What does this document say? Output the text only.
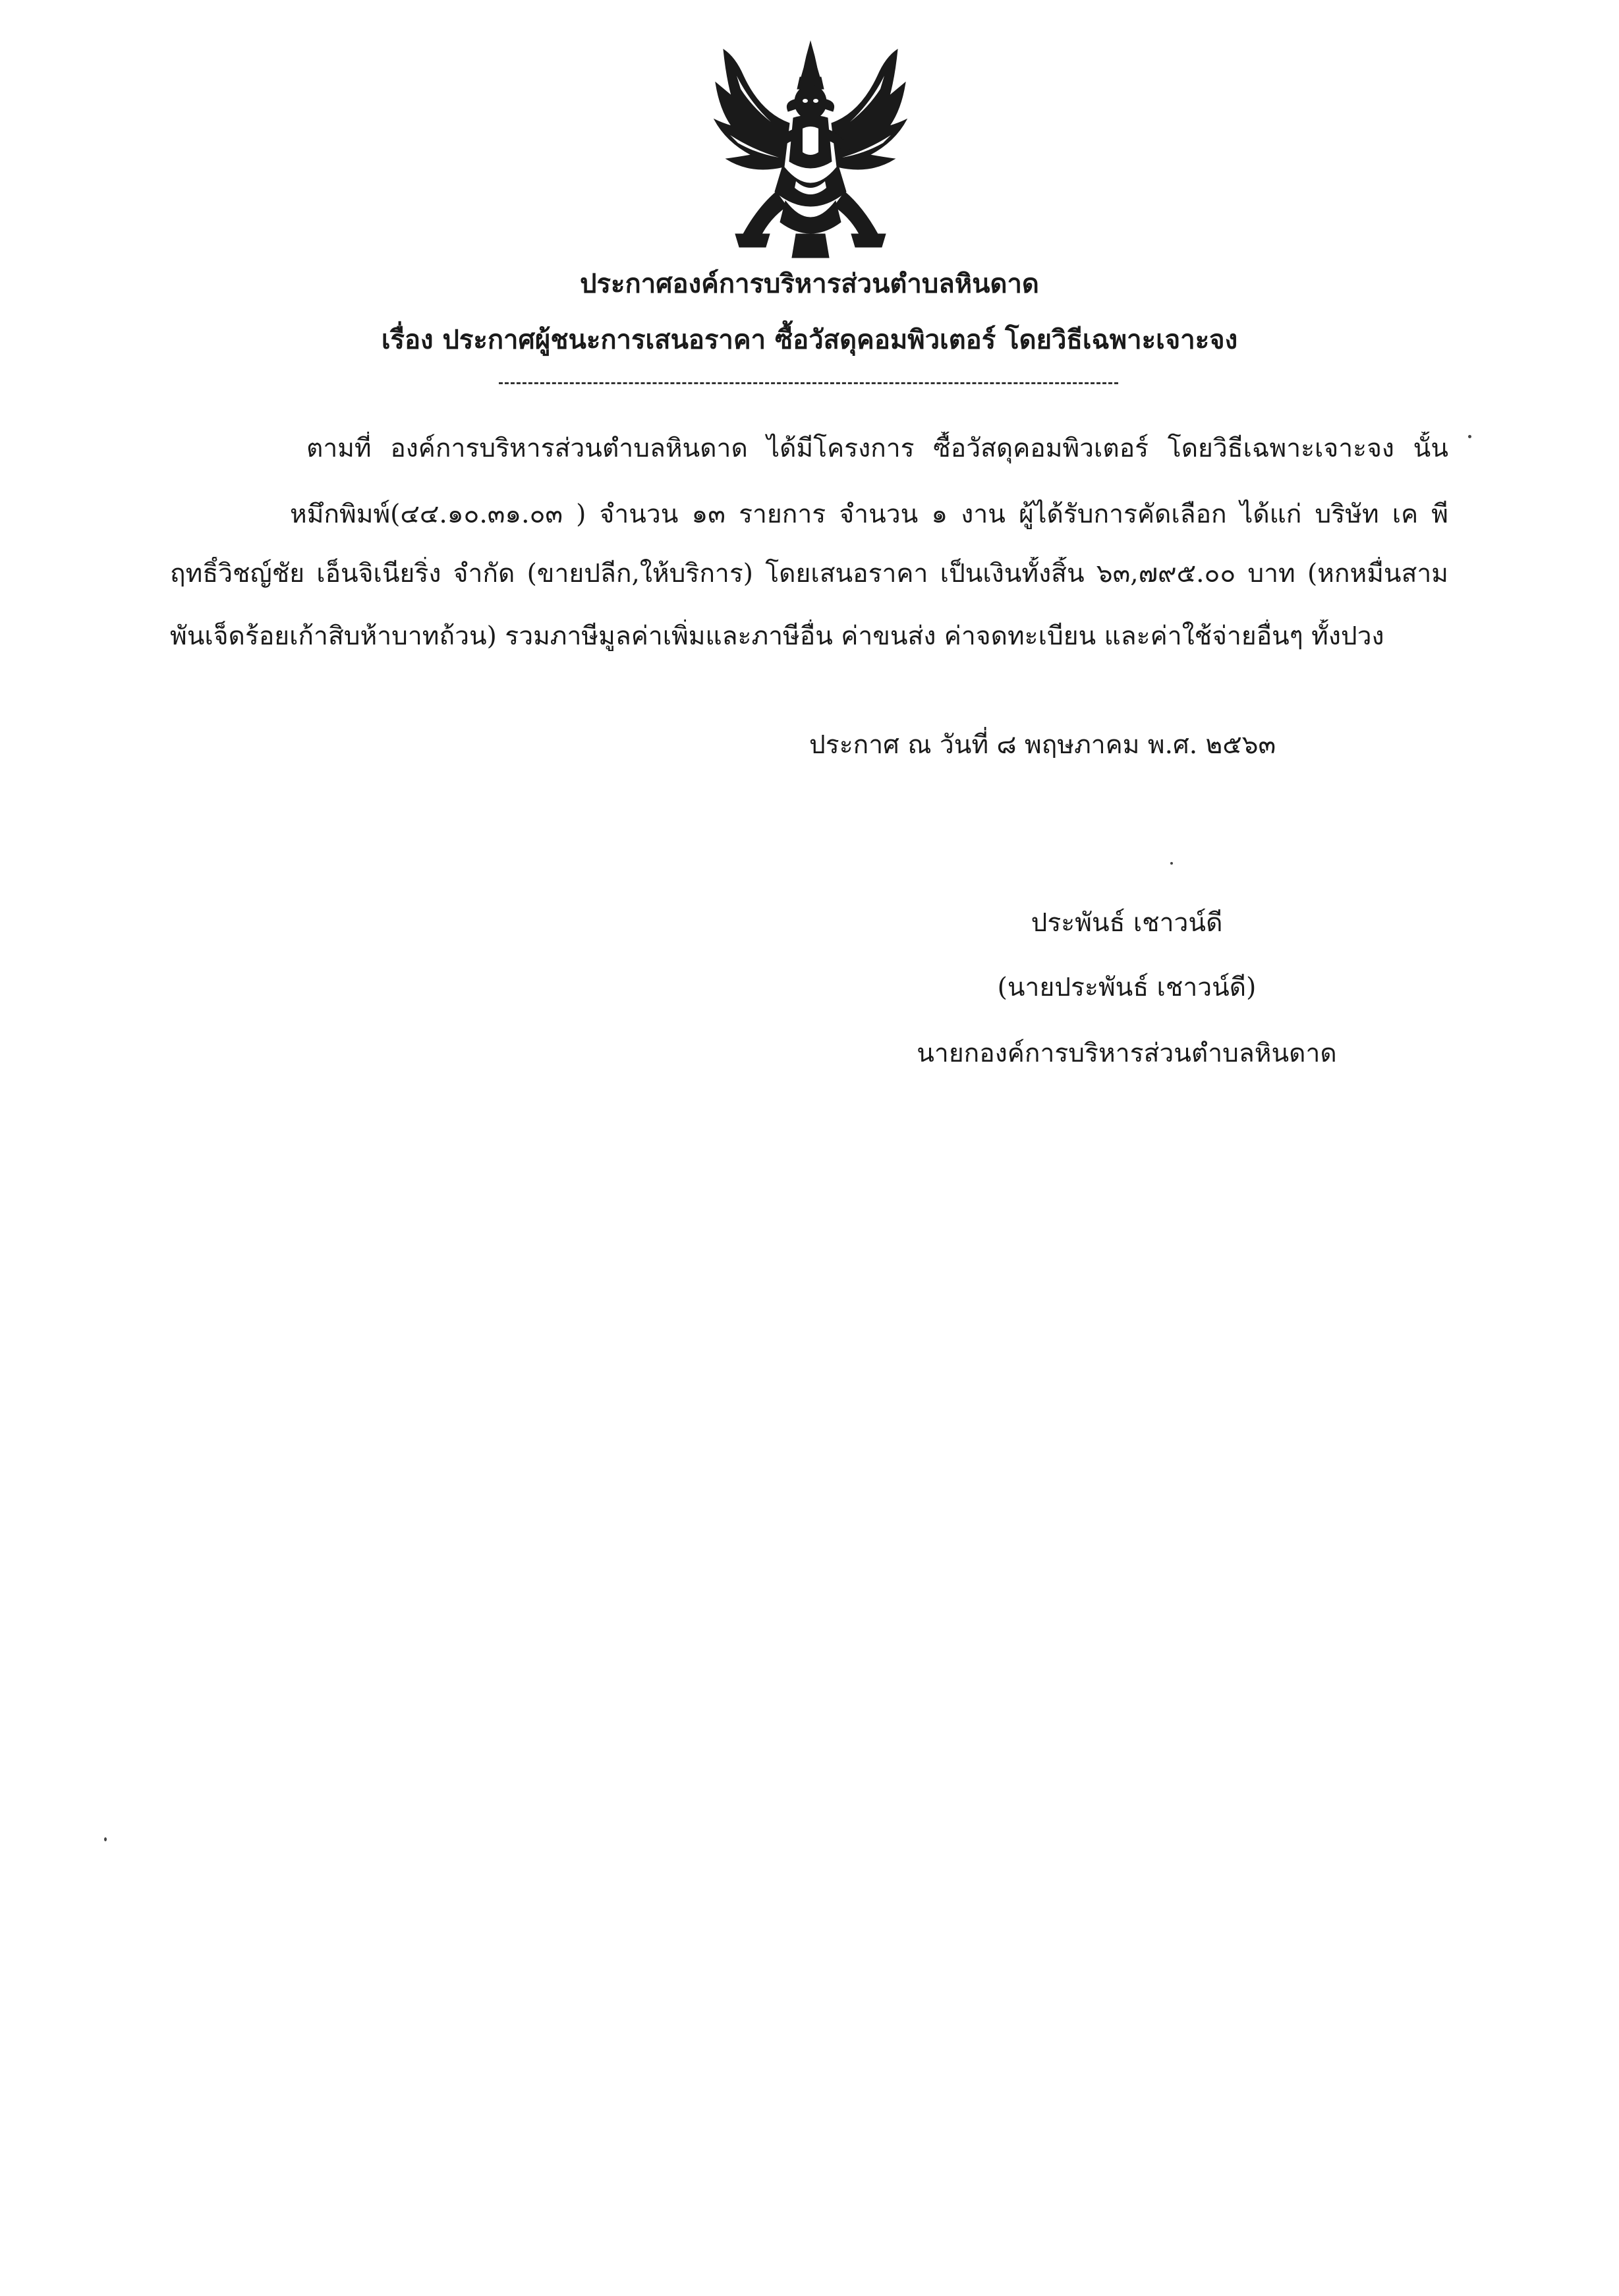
ประกาศองค์การบริหารส่วนตำบลหินดาด
เรื่อง ประกาศผู้ชนะการเสนอราคา ซื้อวัสดุคอมพิวเตอร์ โดยวิธีเฉพาะเจาะจง
ตามที่ องค์การบริหารส่วนตำบลหินดาด ได้มีโครงการ ซื้อวัสดุคอมพิวเตอร์ โดยวิธีเฉพาะเจาะจง นั้น
หมึกพิมพ์(๔๔.๑๐.๓๑.๐๓ ) จำนวน ๑๓ รายการ จำนวน ๑ งาน ผู้ได้รับการคัดเลือก ได้แก่ บริษัท เค พี
ฤทธิ์วิชญ์ชัย เอ็นจิเนียริ่ง จำกัด (ขายปลีก,ให้บริการ) โดยเสนอราคา เป็นเงินทั้งสิ้น ๖๓,๗๙๕.๐๐ บาท (หกหมื่นสาม
พันเจ็ดร้อยเก้าสิบห้าบาทถ้วน) รวมภาษีมูลค่าเพิ่มและภาษีอื่น ค่าขนส่ง ค่าจดทะเบียน และค่าใช้จ่ายอื่นๆ ทั้งปวง
ประกาศ ณ วันที่ ๘ พฤษภาคม พ.ศ. ๒๕๖๓
ประพันธ์ เชาวน์ดี
(นายประพันธ์ เชาวน์ดี)
นายกองค์การบริหารส่วนตำบลหินดาด
